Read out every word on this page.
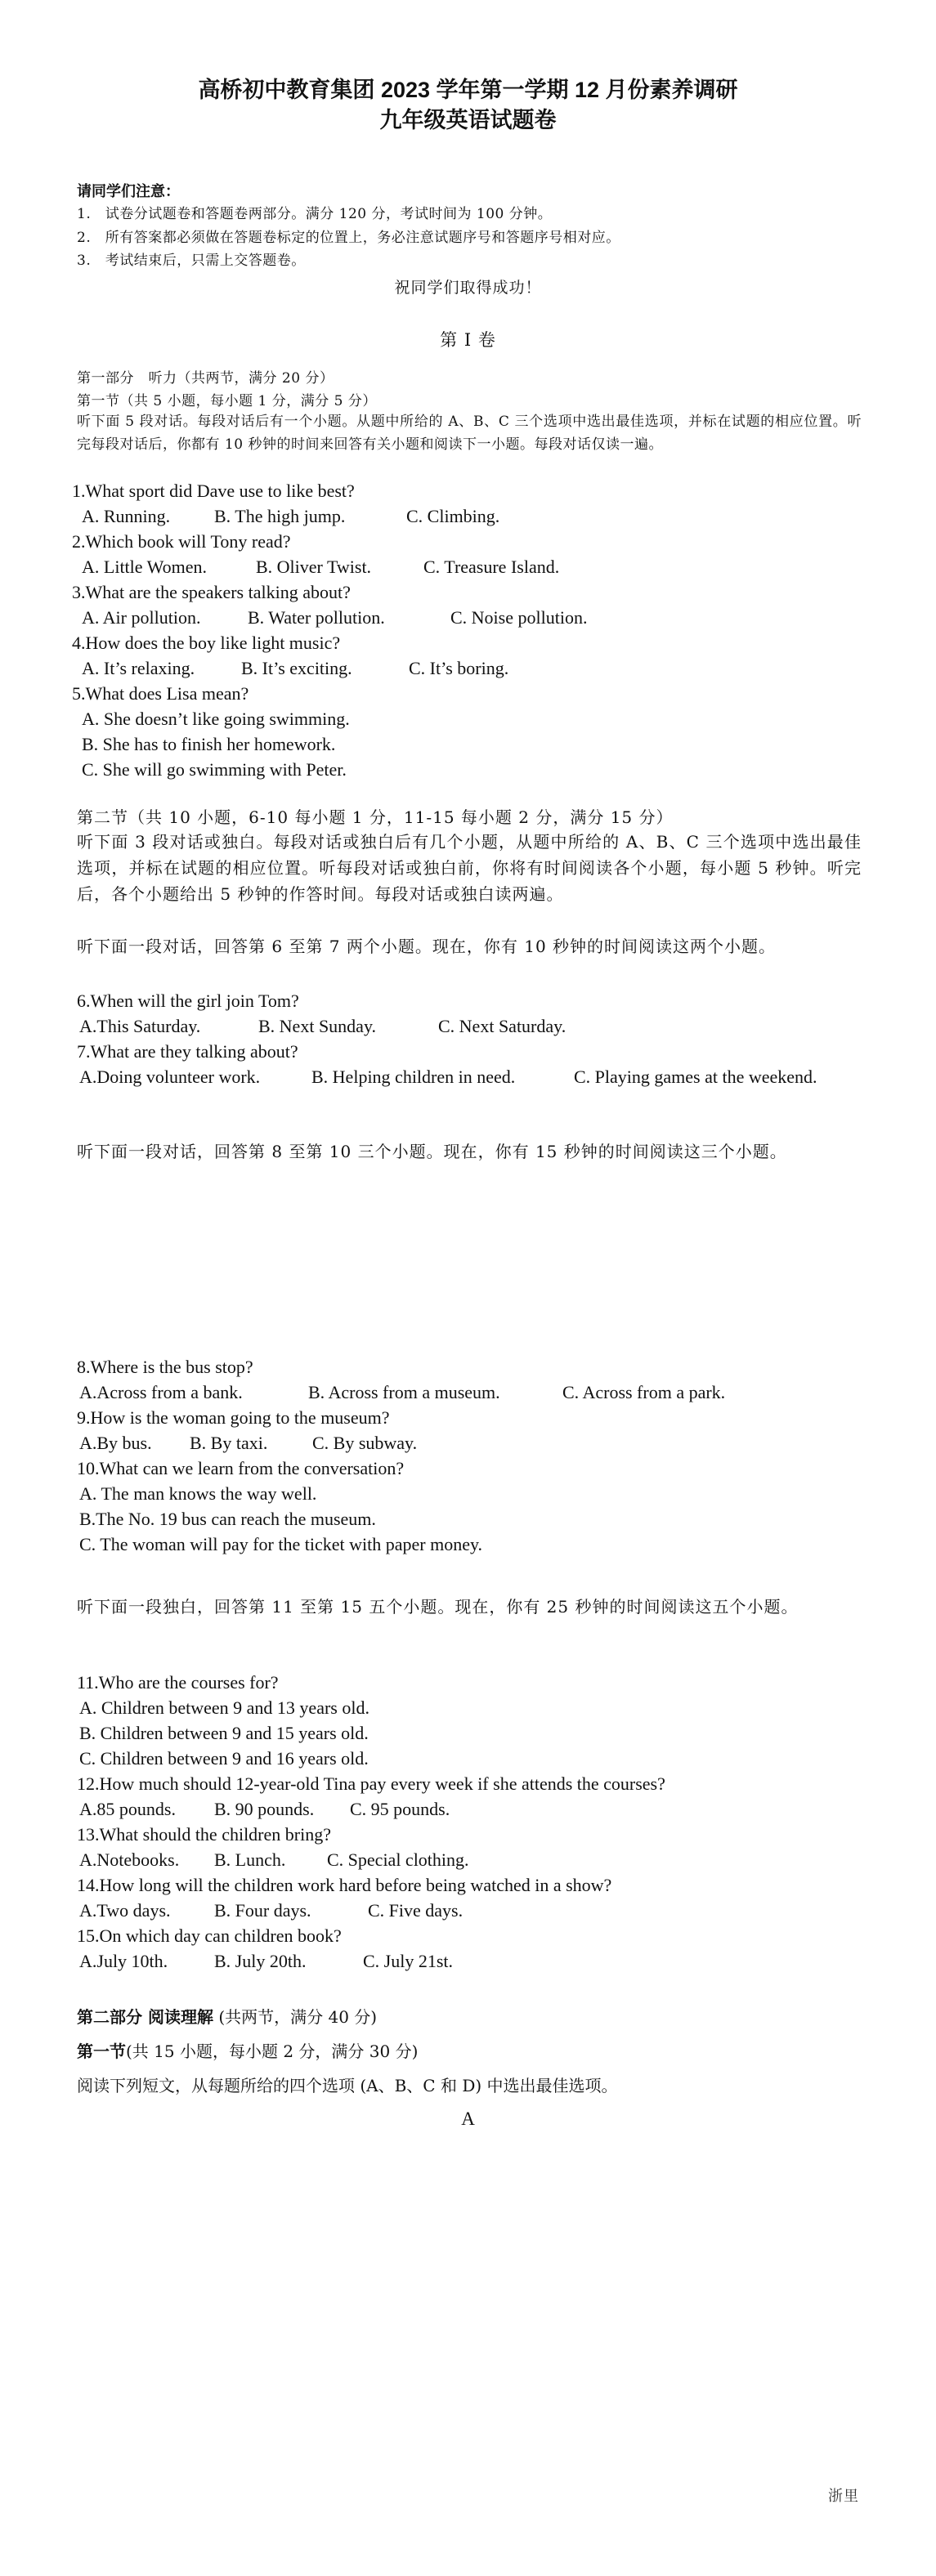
高桥初中教育集团 2023 学年第一学期 12 月份素养调研
九年级英语试题卷
请同学们注意：
1.　试卷分试题卷和答题卷两部分。满分 120 分，考试时间为 100 分钟。
2.　所有答案都必须做在答题卷标定的位置上，务必注意试题序号和答题序号相对应。
3.　考试结束后，只需上交答题卷。
祝同学们取得成功！
第 I 卷
第一部分　听力（共两节，满分 20 分）
第一节（共 5 小题，每小题 1 分，满分 5 分）
听下面 5 段对话。每段对话后有一个小题。从题中所给的 A、B、C 三个选项中选出最佳选项，并标在试题的相应位置。听完每段对话后，你都有 10 秒钟的时间来回答有关小题和阅读下一小题。每段对话仅读一遍。
1.What sport did Dave use to like best?
A. Running. B. The high jump.	C. Climbing.
2.Which book will Tony read?
A. Little Women.	B. Oliver Twist.	C. Treasure Island.
3.What are the speakers talking about?
A. Air pollution.	B. Water pollution.	C. Noise pollution.
4.How does the boy like light music?
A. It’s relaxing.	B. It’s exciting.	C. It’s boring.
5.What does Lisa mean?
A. She doesn’t like going swimming.
B. She has to finish her homework.
C. She will go swimming with Peter.
第二节（共 10 小题，6-10 每小题 1 分，11-15 每小题 2 分，满分 15 分）
听下面 3 段对话或独白。每段对话或独白后有几个小题，从题中所给的 A、B、C 三个选项中选出最佳选项，并标在试题的相应位置。听每段对话或独白前，你将有时间阅读各个小题，每小题 5 秒钟。听完后，各个小题给出 5 秒钟的作答时间。每段对话或独白读两遍。
听下面一段对话，回答第 6 至第 7 两个小题。现在，你有 10 秒钟的时间阅读这两个小题。
6.When will the girl join Tom?
A.This Saturday.	B. Next Sunday.	C. Next Saturday.
7.What are they talking about?
A.Doing volunteer work.	B. Helping children in need.	C. Playing games at the weekend.
听下面一段对话，回答第 8 至第 10 三个小题。现在，你有 15 秒钟的时间阅读这三个小题。
8.Where is the bus stop?
A.Across from a bank.	B. Across from a museum.	C. Across from a park.
9.How is the woman going to the museum?
A.By bus. B. By taxi. C. By subway.
10.What can we learn from the conversation?
A. The man knows the way well.
B.The No. 19 bus can reach the museum.
C. The woman will pay for the ticket with paper money.
听下面一段独白，回答第 11 至第 15 五个小题。现在，你有 25 秒钟的时间阅读这五个小题。
11.Who are the courses for?
A. Children between 9 and 13 years old.
B. Children between 9 and 15 years old.
C. Children between 9 and 16 years old.
12.How much should 12-year-old Tina pay every week if she attends the courses?
A.85 pounds. B. 90 pounds. C. 95 pounds.
13.What should the children bring?
A.Notebooks. B. Lunch. C. Special clothing.
14.How long will the children work hard before being watched in a show?
A.Two days. B. Four days.	C. Five days.
15.On which day can children book?
A.July 10th.	B. July 20th.	C. July 21st.
第二部分 阅读理解 (共两节，满分 40 分)
第一节(共 15 小题，每小题 2 分，满分 30 分)
阅读下列短文，从每题所给的四个选项 (A、B、C 和 D) 中选出最佳选项。
A
浙里
